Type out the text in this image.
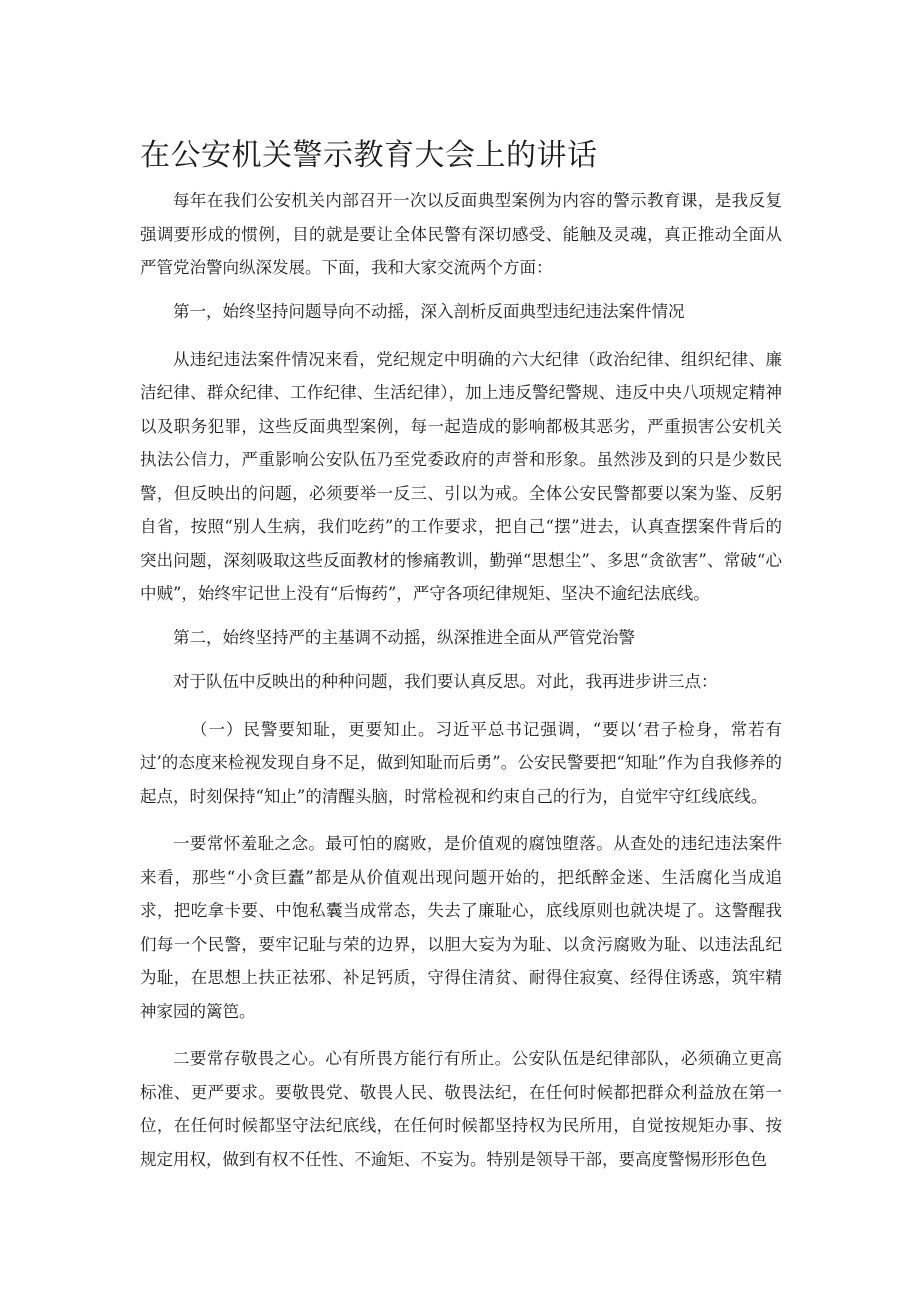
在公安机关警示教育大会上的讲话

每年在我们公安机关内部召开一次以反面典型案例为内容的警示教育课，是我反复强调要形成的惯例，目的就是要让全体民警有深切感受、能触及灵魂，真正推动全面从严管党治警向纵深发展。下面，我和大家交流两个方面：

第一，始终坚持问题导向不动摇，深入剖析反面典型违纪违法案件情况

从违纪违法案件情况来看，党纪规定中明确的六大纪律（政治纪律、组织纪律、廉洁纪律、群众纪律、工作纪律、生活纪律），加上违反警纪警规、违反中央八项规定精神以及职务犯罪，这些反面典型案例，每一起造成的影响都极其恶劣，严重损害公安机关执法公信力，严重影响公安队伍乃至党委政府的声誉和形象。虽然涉及到的只是少数民警，但反映出的问题，必须要举一反三、引以为戒。全体公安民警都要以案为鉴、反躬自省，按照“别人生病，我们吃药”的工作要求，把自己“摆”进去，认真查摆案件背后的突出问题，深刻吸取这些反面教材的惨痛教训，勤弹“思想尘”、多思“贪欲害”、常破“心中贼”，始终牢记世上没有“后悔药”，严守各项纪律规矩、坚决不逾纪法底线。

第二，始终坚持严的主基调不动摇，纵深推进全面从严管党治警

对于队伍中反映出的种种问题，我们要认真反思。对此，我再进步讲三点：

（一）民警要知耻，更要知止。习近平总书记强调，“要以‘君子检身，常若有过’的态度来检视发现自身不足，做到知耻而后勇”。公安民警要把“知耻”作为自我修养的起点，时刻保持“知止”的清醒头脑，时常检视和约束自己的行为，自觉牢守红线底线。

一要常怀羞耻之念。最可怕的腐败，是价值观的腐蚀堕落。从查处的违纪违法案件来看，那些“小贪巨蠹”都是从价值观出现问题开始的，把纸醉金迷、生活腐化当成追求，把吃拿卡要、中饱私囊当成常态，失去了廉耻心，底线原则也就决堤了。这警醒我们每一个民警，要牢记耻与荣的边界，以胆大妄为为耻、以贪污腐败为耻、以违法乱纪为耻，在思想上扶正祛邪、补足钙质，守得住清贫、耐得住寂寞、经得住诱惑，筑牢精神家园的篱笆。

二要常存敬畏之心。心有所畏方能行有所止。公安队伍是纪律部队，必须确立更高标准、更严要求。要敬畏党、敬畏人民、敬畏法纪，在任何时候都把群众利益放在第一位，在任何时候都坚守法纪底线，在任何时候都坚持权为民所用，自觉按规矩办事、按规定用权，做到有权不任性、不逾矩、不妄为。特别是领导干部，要高度警惕形形色色
